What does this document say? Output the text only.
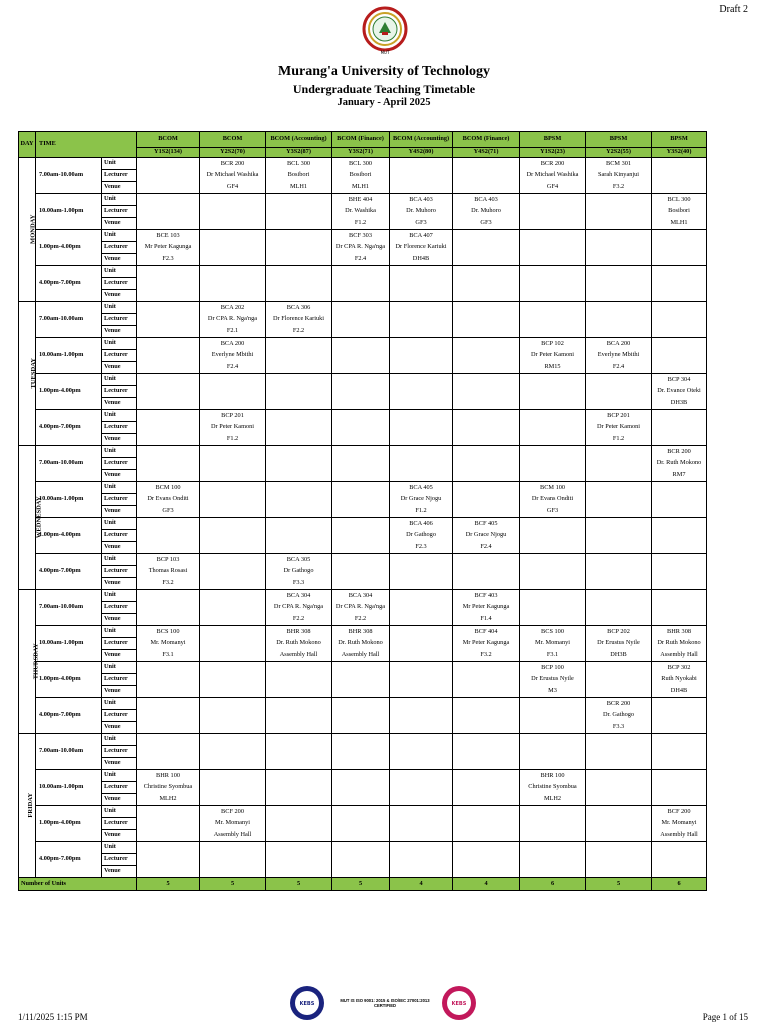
Draft 2
MUT
Murang'a University of Technology
Undergraduate Teaching Timetable
January - April 2025
DAY	TIME		BCOM	BCOM	BCOM (Accounting)	BCOM (Finance)	BCOM (Accounting)	BCOM (Finance)	BPSM	BPSM	BPSM
			Y1S2(134)	Y2S2(70)	Y3S2(87)	Y3S2(71)	Y4S2(80)	Y4S2(71)	Y1S2(23)	Y2S2(55)	Y3S2(40)
MONDAY	7.00am-10.00am	Unit		BCR 200	BCL 300	BCL 300			BCR 200	BCM 301	
		Lecturer		Dr Michael Washika	Bosibori	Bosibori			Dr Michael Washika	Sarah Kinyanjui	
		Venue		GF4	MLH1	MLH1			GF4	F3.2	
	10.00am-1.00pm	Unit				BHE 404	BCA 403	BCA 403			BCL 300
		Lecturer				Dr. Washika	Dr. Muhoro	Dr. Muhoro			Bosibori
		Venue				F1.2	GF3	GF3			MLH1
	1.00pm-4.00pm	Unit	BCE 103			BCF 303	BCA 407				
		Lecturer	Mr Peter Kagunga			Dr CPA R. Nga'nga	Dr Florence Kariuki				
		Venue	F2.3			F2.4	DH4B				
	4.00pm-7.00pm	Unit									
		Lecturer									
		Venue									
TUESDAY	7.00am-10.00am	Unit		BCA 202	BCA 306						
		Lecturer		Dr CPA R. Nga'nga	Dr Florence Kariuki						
		Venue		F2.1	F2.2						
	10.00am-1.00pm	Unit		BCA 200					BCP 102	BCA 200	
		Lecturer		Everlyne Mbithi					Dr Peter Kamoni	Everlyne Mbithi	
		Venue		F2.4					RM15	F2.4	
	1.00pm-4.00pm	Unit									BCP 304
		Lecturer									Dr. Evance Oteki
		Venue									DH3B
	4.00pm-7.00pm	Unit		BCP 201						BCP 201	
		Lecturer		Dr Peter Kamoni						Dr Peter Kamoni	
		Venue		F1.2						F1.2	
WEDNESDAY	7.00am-10.00am	Unit									BCR 200
		Lecturer									Dr. Ruth Mokono
		Venue									RM7
	10.00am-1.00pm	Unit	BCM 100				BCA 405		BCM 100		
		Lecturer	Dr Evans Onditi				Dr Grace Njogu		Dr Evans Onditi		
		Venue	GF3				F1.2		GF3		
	1.00pm-4.00pm	Unit					BCA 406	BCF 405			
		Lecturer					Dr Gathogo	Dr Grace Njogu			
		Venue					F2.3	F2.4			
	4.00pm-7.00pm	Unit	BCP 103		BCA 305						
		Lecturer	Thomas Rosasi		Dr Gathogo						
		Venue	F3.2		F3.3						
THURSDAY	7.00am-10.00am	Unit			BCA 304	BCA 304		BCF 403			
		Lecturer			Dr CPA R. Nga'nga	Dr CPA R. Nga'nga		Mr Peter Kagunga			
		Venue			F2.2	F2.2		F1.4			
	10.00am-1.00pm	Unit	BCS 100		BHR 308	BHR 308		BCF 404	BCS 100	BCP 202	BHR 308
		Lecturer	Mr. Momanyi		Dr. Ruth Mokono	Dr. Ruth Mokono		Mr Peter Kagunga	Mr. Momanyi	Dr Erustus Nyile	Dr Ruth Mokono
		Venue	F3.1		Assembly Hall	Assembly Hall		F3.2	F3.1	DH3B	Assembly Hall
	1.00pm-4.00pm	Unit							BCP 100		BCP 302
		Lecturer							Dr Erustus Nyile		Ruth Nyokabi
		Venue							M3		DH4B
	4.00pm-7.00pm	Unit								BCR 200	
		Lecturer								Dr. Gathogo	
		Venue								F3.3	
FRIDAY	7.00am-10.00am	Unit									
		Lecturer									
		Venue									
	10.00am-1.00pm	Unit	BHR 100						BHR 100		
		Lecturer	Christine Syombua						Christine Syombua		
		Venue	MLH2						MLH2		
	1.00pm-4.00pm	Unit		BCF 200							BCF 200
		Lecturer		Mr. Momanyi							Mr. Momanyi
		Venue		Assembly Hall							Assembly Hall
	4.00pm-7.00pm	Unit									
		Lecturer									
		Venue									
Number of Units			5	5	5	5	4	4	6	5	6
1/11/2025 1:15 PM
KEBS	KEBS
MUT IS ISO 9001: 2015 & ISO/IEC 27001:2013 CERTIFIED
Page 1 of 15
